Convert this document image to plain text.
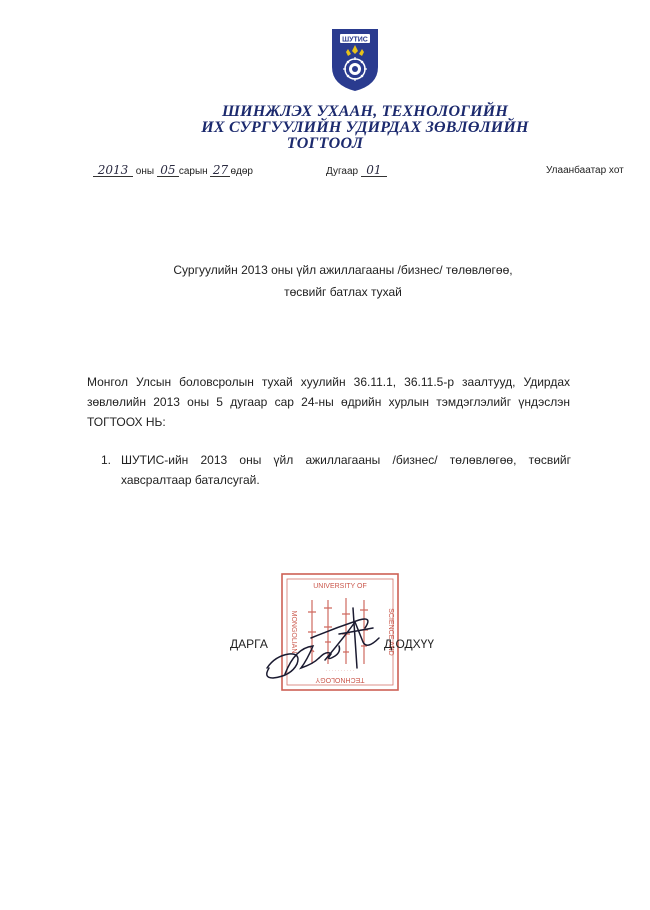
ШУТИС
ШИНЖЛЭХ УХААН, ТЕХНОЛОГИЙН
ИХ СУРГУУЛИЙН УДИРДАХ ЗӨВЛӨЛИЙН
ТОГТООЛ
2013 оны 05 сарын 27 өдөр	Дугаар 01	Улаанбаатар хот
Сургуулийн 2013 оны үйл ажиллагааны /бизнес/ төлөвлөгөө,
төсвийг батлах тухай
Монгол Улсын боловсролын тухай хуулийн 36.11.1, 36.11.5-р заалтууд, Удирдах зөвлөлийн 2013 оны 5 дугаар сар 24-ны өдрийн хурлын тэмдэглэлийг үндэслэн ТОГТООХ НЬ:
1. ШУТИС-ийн 2013 оны үйл ажиллагааны /бизнес/ төлөвлөгөө, төсвийг хавсралтаар баталсугай.
UNIVERSITY OF
TECHNOLOGY
SCIENCE AND
MONGOLIAN
· · · · · · · · · ·
ДАРГА	Д.ОДХҮҮ
